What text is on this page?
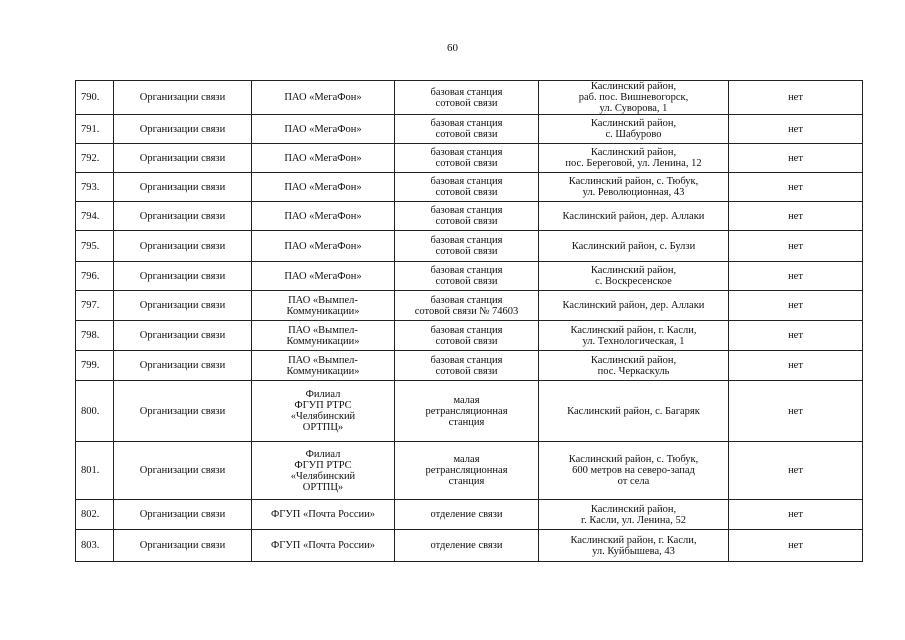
60
790.	Организации связи	ПАО «МегаФон»	базовая станция
сотовой связи	Каслинский район,
раб. пос. Вишневогорск,
ул. Суворова, 1	нет
791.	Организации связи	ПАО «МегаФон»	базовая станция
сотовой связи	Каслинский район,
с. Шабурово	нет
792.	Организации связи	ПАО «МегаФон»	базовая станция
сотовой связи	Каслинский район,
пос. Береговой, ул. Ленина, 12	нет
793.	Организации связи	ПАО «МегаФон»	базовая станция
сотовой связи	Каслинский район, с. Тюбук,
ул. Революционная, 43	нет
794.	Организации связи	ПАО «МегаФон»	базовая станция
сотовой связи	Каслинский район, дер. Аллаки	нет
795.	Организации связи	ПАО «МегаФон»	базовая станция
сотовой связи	Каслинский район, с. Булзи	нет
796.	Организации связи	ПАО «МегаФон»	базовая станция
сотовой связи	Каслинский район,
с. Воскресенское	нет
797.	Организации связи	ПАО «Вымпел-
Коммуникации»	базовая станция
сотовой связи № 74603	Каслинский район, дер. Аллаки	нет
798.	Организации связи	ПАО «Вымпел-
Коммуникации»	базовая станция
сотовой связи	Каслинский район, г. Касли,
ул. Технологическая, 1	нет
799.	Организации связи	ПАО «Вымпел-
Коммуникации»	базовая станция
сотовой связи	Каслинский район,
пос. Черкаскуль	нет
800.	Организации связи	Филиал
ФГУП РТРС
«Челябинский
ОРТПЦ»	малая
ретрансляционная
станция	Каслинский район, с. Багаряк	нет
801.	Организации связи	Филиал
ФГУП РТРС
«Челябинский
ОРТПЦ»	малая
ретрансляционная
станция	Каслинский район, с. Тюбук,
600 метров на северо-запад
от села	нет
802.	Организации связи	ФГУП «Почта России»	отделение связи	Каслинский район,
г. Касли, ул. Ленина, 52	нет
803.	Организации связи	ФГУП «Почта России»	отделение связи	Каслинский район, г. Касли,
ул. Куйбышева, 43	нет
